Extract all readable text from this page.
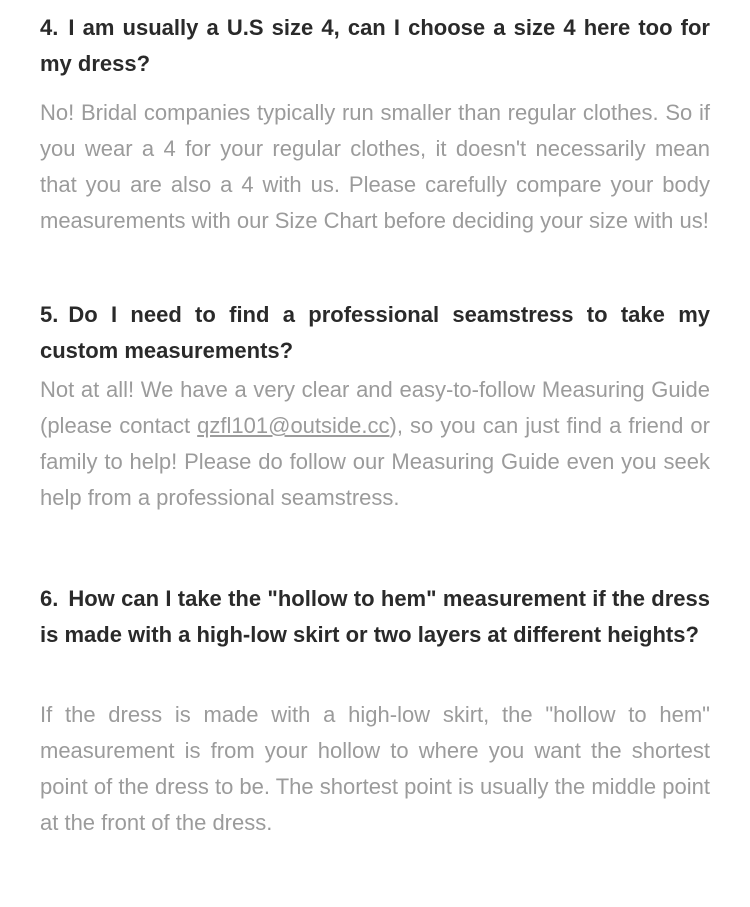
4. I am usually a U.S size 4, can I choose a size 4 here too for my dress?

No! Bridal companies typically run smaller than regular clothes. So if you wear a 4 for your regular clothes, it doesn't necessarily mean that you are also a 4 with us. Please carefully compare your body measurements with our Size Chart before deciding your size with us!

5. Do I need to find a professional seamstress to take my custom measurements?

Not at all! We have a very clear and easy-to-follow Measuring Guide (please contact qzfl101@outside.cc), so you can just find a friend or family to help! Please do follow our Measuring Guide even you seek help from a professional seamstress.

6. How can I take the "hollow to hem" measurement if the dress is made with a high-low skirt or two layers at different heights?

If the dress is made with a high-low skirt, the "hollow to hem" measurement is from your hollow to where you want the shortest point of the dress to be. The shortest point is usually the middle point at the front of the dress.
